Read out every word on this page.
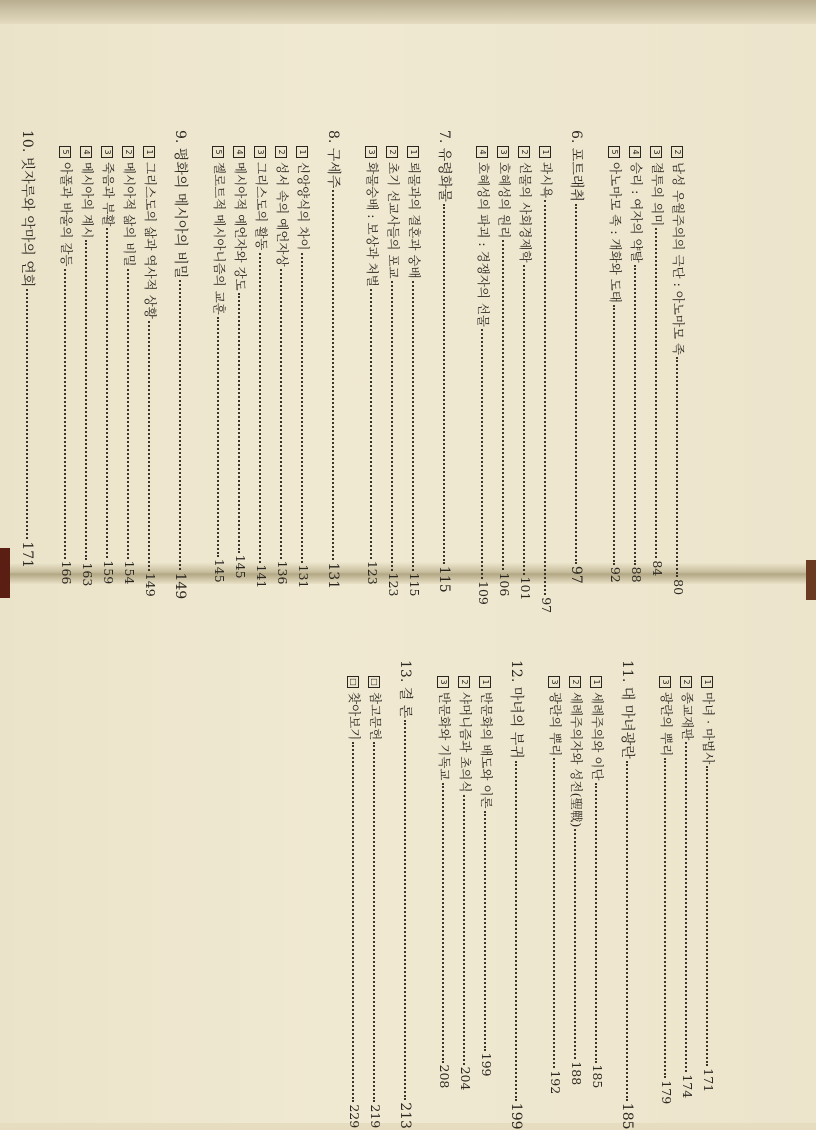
2남성 우월주의의 극단 : 아노마모 족80
3결투의 의미84
4승리 : 여자의 약탈88
5아노마모 족 : 개화와 도태92
6. 포트래취97
1과시욕97
2선물의 사회경제학101
3호혜성의 원리106
4호혜성의 파괴 : 경쟁자의 선물109
7. 유령화물115
1뢰물과의 결혼과 숭배115
2초기 선교사들의 포교123
3화물숭배 : 보상과 처벌123
8. 구세주131
1신앙양식의 차이131
2성서 속의 예언자상136
3그리스도의 활동141
4메시아적 예언자와 강도145
5젤로트적 메시아니즘의 교훈145
9. 평화의 메시아의 비밀149
1그리스도의 삶과 역사적 상황149
2메시아적 삶의 비밀154
3죽음과 부활159
4메시아의 계시163
5아폴과 바울의 갈등166
10. 빗자루와 악마의 연회171
1마녀 · 마법사171
2종교재판174
3광란의 뿌리179
11. 대 마녀광란185
1세례주의와 이단185
2세례주의자와 성전(聖戰)188
3광란의 뿌리192
12. 마녀의 부귀199
1반문화의 배도와 이론199
2샤머니즘과 초의식204
3반문화와 기독교208
13. 결 론213
□참고문헌219
□찾아보기229
